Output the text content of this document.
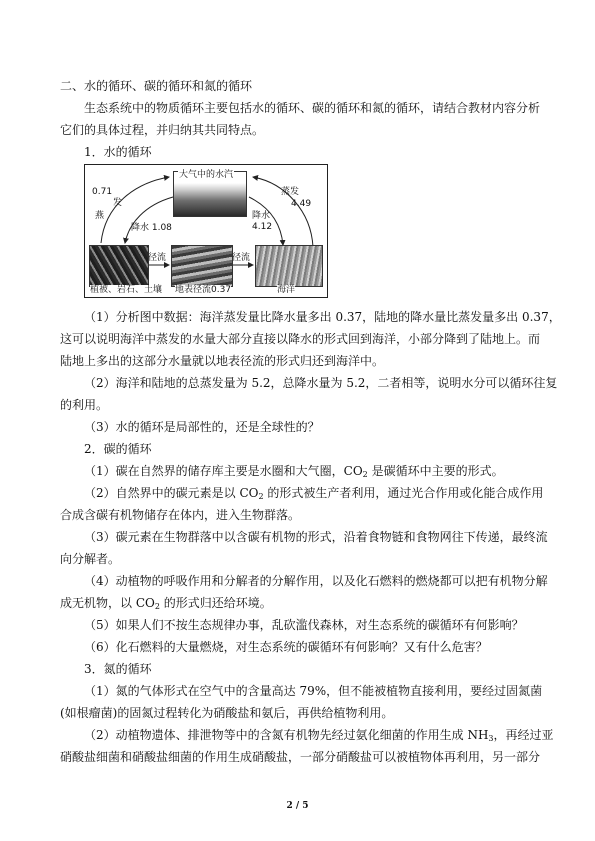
二、水的循环、碳的循环和氮的循环
生态系统中的物质循环主要包括水的循环、碳的循环和氮的循环，请结合教材内容分析
它们的具体过程，并归纳其共同特点。
1．水的循环
大气中的水汽
0.71
发
燕
降水 1.08
蒸发
4.49
降水
4.12
径流	径流
植被、岩石、土壤 地表径流0.37	海洋
（1）分析图中数据：海洋蒸发量比降水量多出 0.37，陆地的降水量比蒸发量多出 0.37，
这可以说明海洋中蒸发的水量大部分直接以降水的形式回到海洋，小部分降到了陆地上。而
陆地上多出的这部分水量就以地表径流的形式归还到海洋中。
（2）海洋和陆地的总蒸发量为 5.2，总降水量为 5.2，二者相等，说明水分可以循环往复
的利用。
（3）水的循环是局部性的，还是全球性的？
2．碳的循环
（1）碳在自然界的储存库主要是水圈和大气圈，$CO_2$ 是碳循环中主要的形式。
（2）自然界中的碳元素是以 $CO_2$ 的形式被生产者利用，通过光合作用或化能合成作用
合成含碳有机物储存在体内，进入生物群落。
（3）碳元素在生物群落中以含碳有机物的形式，沿着食物链和食物网往下传递，最终流
向分解者。
（4）动植物的呼吸作用和分解者的分解作用，以及化石燃料的燃烧都可以把有机物分解
成无机物，以 $CO_2$ 的形式归还给环境。
（5）如果人们不按生态规律办事，乱砍滥伐森林，对生态系统的碳循环有何影响？
（6）化石燃料的大量燃烧，对生态系统的碳循环有何影响？又有什么危害？
3．氮的循环
（1）氮的气体形式在空气中的含量高达 79%，但不能被植物直接利用，要经过固氮菌
(如根瘤菌)的固氮过程转化为硝酸盐和氨后，再供给植物利用。
（2）动植物遗体、排泄物等中的含氮有机物先经过氨化细菌的作用生成 $NH_3$，再经过亚
硝酸盐细菌和硝酸盐细菌的作用生成硝酸盐，一部分硝酸盐可以被植物体再利用，另一部分
2 / 5
